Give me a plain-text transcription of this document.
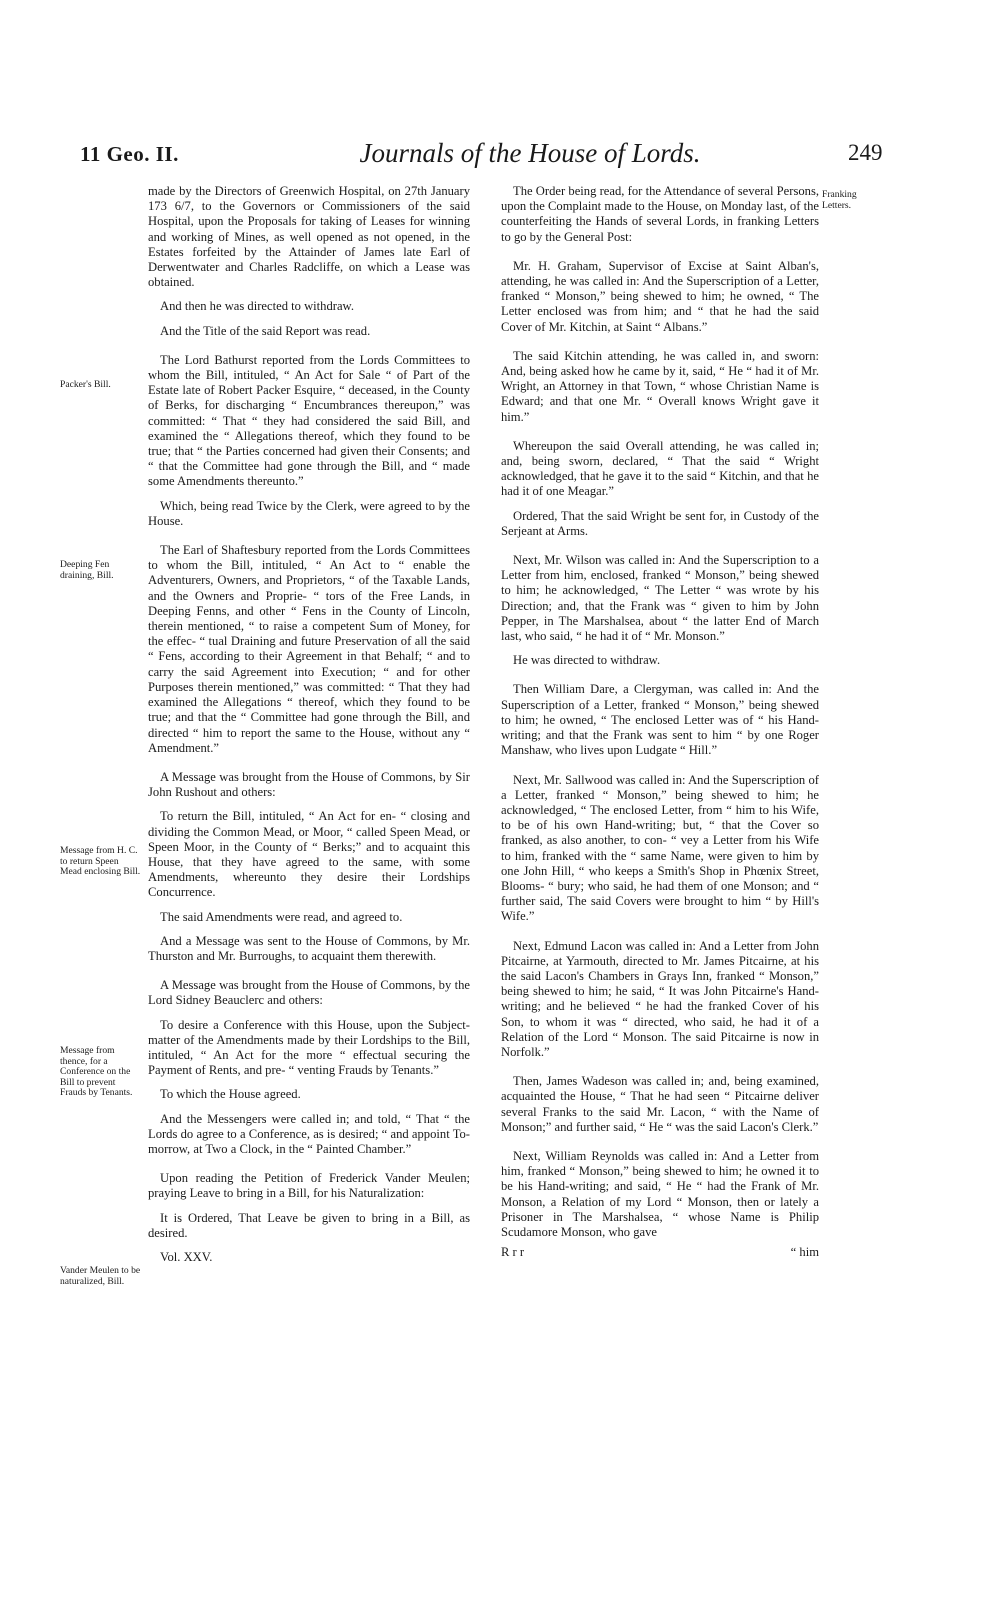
11 Geo. II.	Journals of the House of Lords.	249
Packer's Bill.
Deeping Fen draining, Bill.
Message from H. C. to return Speen Mead enclosing Bill.
Message from thence, for a Conference on the Bill to prevent Frauds by Tenants.
Vander Meulen to be naturalized, Bill.
Franking Letters.

made by the Directors of Greenwich Hospital, on 27th January 173 6/7, to the Governors or Commissioners of the said Hospital, upon the Proposals for taking of Leases for winning and working of Mines, as well opened as not opened, in the Estates forfeited by the Attainder of James late Earl of Derwentwater and Charles Radcliffe, on which a Lease was obtained.

And then he was directed to withdraw.

And the Title of the said Report was read.

The Lord Bathurst reported from the Lords Committees to whom the Bill, intituled, “ An Act for Sale “ of Part of the Estate late of Robert Packer Esquire, “ deceased, in the County of Berks, for discharging “ Encumbrances thereupon,” was committed: “ That “ they had considered the said Bill, and examined the “ Allegations thereof, which they found to be true; that “ the Parties concerned had given their Consents; and “ that the Committee had gone through the Bill, and “ made some Amendments thereunto.”

Which, being read Twice by the Clerk, were agreed to by the House.

The Earl of Shaftesbury reported from the Lords Committees to whom the Bill, intituled, “ An Act to “ enable the Adventurers, Owners, and Proprietors, “ of the Taxable Lands, and the Owners and Proprie- “ tors of the Free Lands, in Deeping Fenns, and other “ Fens in the County of Lincoln, therein mentioned, “ to raise a competent Sum of Money, for the effec- “ tual Draining and future Preservation of all the said “ Fens, according to their Agreement in that Behalf; “ and to carry the said Agreement into Execution; “ and for other Purposes therein mentioned,” was committed: “ That they had examined the Allegations “ thereof, which they found to be true; and that the “ Committee had gone through the Bill, and directed “ him to report the same to the House, without any “ Amendment.”

A Message was brought from the House of Commons, by Sir John Rushout and others:

To return the Bill, intituled, “ An Act for en- “ closing and dividing the Common Mead, or Moor, “ called Speen Mead, or Speen Moor, in the County of “ Berks;” and to acquaint this House, that they have agreed to the same, with some Amendments, whereunto they desire their Lordships Concurrence.

The said Amendments were read, and agreed to.

And a Message was sent to the House of Commons, by Mr. Thurston and Mr. Burroughs, to acquaint them therewith.

A Message was brought from the House of Commons, by the Lord Sidney Beauclerc and others:

To desire a Conference with this House, upon the Subject-matter of the Amendments made by their Lordships to the Bill, intituled, “ An Act for the more “ effectual securing the Payment of Rents, and pre- “ venting Frauds by Tenants.”

To which the House agreed.

And the Messengers were called in; and told, “ That “ the Lords do agree to a Conference, as is desired; “ and appoint To-morrow, at Two a Clock, in the “ Painted Chamber.”

Upon reading the Petition of Frederick Vander Meulen; praying Leave to bring in a Bill, for his Naturalization:

It is Ordered, That Leave be given to bring in a Bill, as desired.

Vol. XXV.

The Order being read, for the Attendance of several Persons, upon the Complaint made to the House, on Monday last, of the counterfeiting the Hands of several Lords, in franking Letters to go by the General Post:

Mr. H. Graham, Supervisor of Excise at Saint Alban's, attending, he was called in: And the Superscription of a Letter, franked “ Monson,” being shewed to him; he owned, “ The Letter enclosed was from him; and “ that he had the said Cover of Mr. Kitchin, at Saint “ Albans.”

The said Kitchin attending, he was called in, and sworn: And, being asked how he came by it, said, “ He “ had it of Mr. Wright, an Attorney in that Town, “ whose Christian Name is Edward; and that one Mr. “ Overall knows Wright gave it him.”

Whereupon the said Overall attending, he was called in; and, being sworn, declared, “ That the said “ Wright acknowledged, that he gave it to the said “ Kitchin, and that he had it of one Meagar.”

Ordered, That the said Wright be sent for, in Custody of the Serjeant at Arms.

Next, Mr. Wilson was called in: And the Superscription to a Letter from him, enclosed, franked “ Monson,” being shewed to him; he acknowledged, “ The Letter “ was wrote by his Direction; and, that the Frank was “ given to him by John Pepper, in The Marshalsea, about “ the latter End of March last, who said, “ he had it of “ Mr. Monson.”

He was directed to withdraw.

Then William Dare, a Clergyman, was called in: And the Superscription of a Letter, franked “ Monson,” being shewed to him; he owned, “ The enclosed Letter was of “ his Hand-writing; and that the Frank was sent to him “ by one Roger Manshaw, who lives upon Ludgate “ Hill.”

Next, Mr. Sallwood was called in: And the Superscription of a Letter, franked “ Monson,” being shewed to him; he acknowledged, “ The enclosed Letter, from “ him to his Wife, to be of his own Hand-writing; but, “ that the Cover so franked, as also another, to con- “ vey a Letter from his Wife to him, franked with the “ same Name, were given to him by one John Hill, “ who keeps a Smith's Shop in Phœnix Street, Blooms- “ bury; who said, he had them of one Monson; and “ further said, The said Covers were brought to him “ by Hill's Wife.”

Next, Edmund Lacon was called in: And a Letter from John Pitcairne, at Yarmouth, directed to Mr. James Pitcairne, at his the said Lacon's Chambers in Grays Inn, franked “ Monson,” being shewed to him; he said, “ It was John Pitcairne's Hand-writing; and he believed “ he had the franked Cover of his Son, to whom it was “ directed, who said, he had it of a Relation of the Lord “ Monson. The said Pitcairne is now in Norfolk.”

Then, James Wadeson was called in; and, being examined, acquainted the House, “ That he had seen “ Pitcairne deliver several Franks to the said Mr. Lacon, “ with the Name of Monson;” and further said, “ He “ was the said Lacon's Clerk.”

Next, William Reynolds was called in: And a Letter from him, franked “ Monson,” being shewed to him; he owned it to be his Hand-writing; and said, “ He “ had the Frank of Mr. Monson, a Relation of my Lord “ Monson, then or lately a Prisoner in The Marshalsea, “ whose Name is Philip Scudamore Monson, who gave

R r r	“ him
